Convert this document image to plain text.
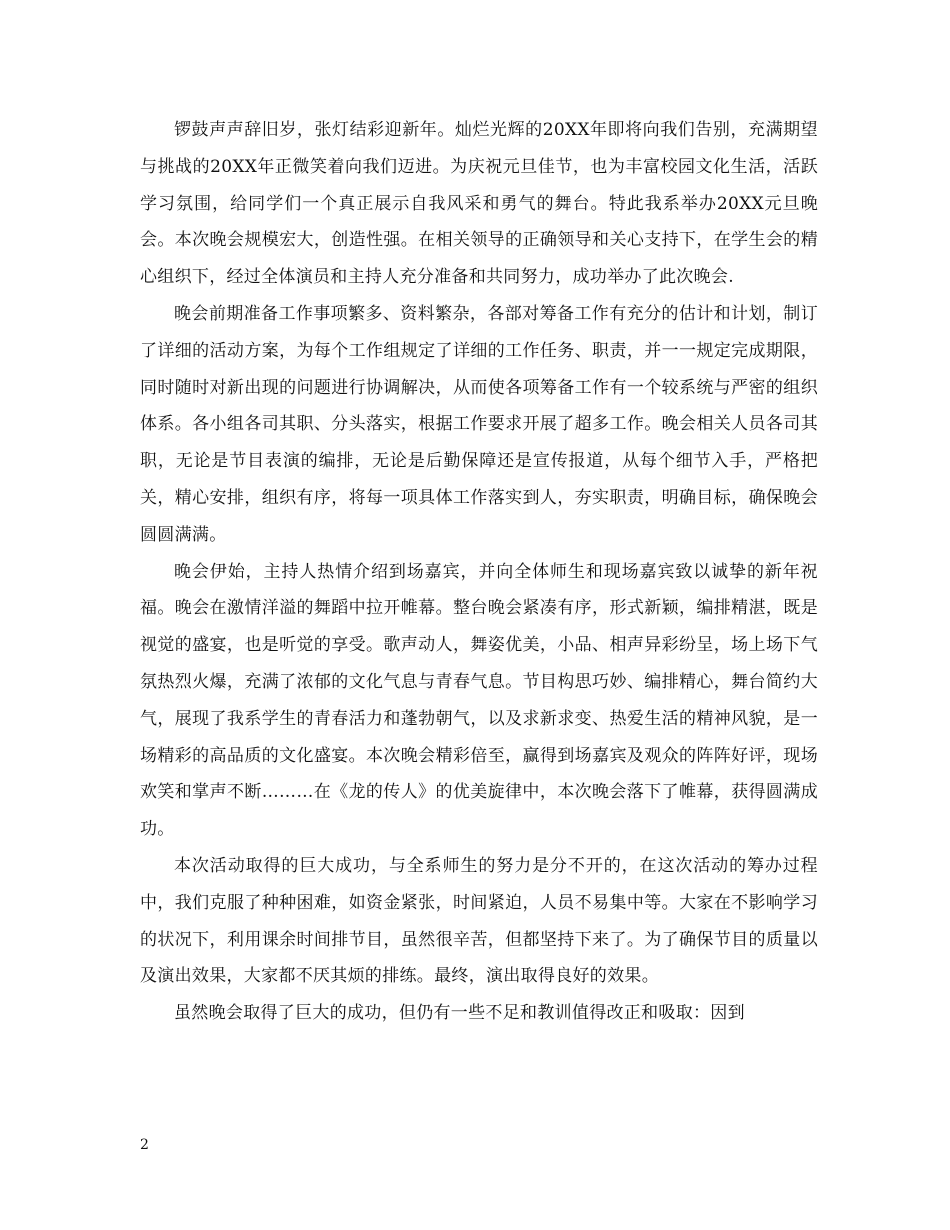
锣鼓声声辞旧岁，张灯结彩迎新年。灿烂光辉的20XX年即将向我们告别，充满期望与挑战的20XX年正微笑着向我们迈进。为庆祝元旦佳节，也为丰富校园文化生活，活跃学习氛围，给同学们一个真正展示自我风采和勇气的舞台。特此我系举办20XX元旦晚会。本次晚会规模宏大，创造性强。在相关领导的正确领导和关心支持下，在学生会的精心组织下，经过全体演员和主持人充分准备和共同努力，成功举办了此次晚会.

晚会前期准备工作事项繁多、资料繁杂，各部对筹备工作有充分的估计和计划，制订了详细的活动方案，为每个工作组规定了详细的工作任务、职责，并一一规定完成期限，同时随时对新出现的问题进行协调解决，从而使各项筹备工作有一个较系统与严密的组织体系。各小组各司其职、分头落实，根据工作要求开展了超多工作。晚会相关人员各司其职，无论是节目表演的编排，无论是后勤保障还是宣传报道，从每个细节入手，严格把关，精心安排，组织有序，将每一项具体工作落实到人，夯实职责，明确目标，确保晚会圆圆满满。

晚会伊始，主持人热情介绍到场嘉宾，并向全体师生和现场嘉宾致以诚挚的新年祝福。晚会在激情洋溢的舞蹈中拉开帷幕。整台晚会紧凑有序，形式新颖，编排精湛，既是视觉的盛宴，也是听觉的享受。歌声动人，舞姿优美，小品、相声异彩纷呈，场上场下气氛热烈火爆，充满了浓郁的文化气息与青春气息。节目构思巧妙、编排精心，舞台简约大气，展现了我系学生的青春活力和蓬勃朝气，以及求新求变、热爱生活的精神风貌，是一场精彩的高品质的文化盛宴。本次晚会精彩倍至，赢得到场嘉宾及观众的阵阵好评，现场欢笑和掌声不断………在《龙的传人》的优美旋律中，本次晚会落下了帷幕，获得圆满成功。

本次活动取得的巨大成功，与全系师生的努力是分不开的，在这次活动的筹办过程中，我们克服了种种困难，如资金紧张，时间紧迫，人员不易集中等。大家在不影响学习的状况下，利用课余时间排节目，虽然很辛苦，但都坚持下来了。为了确保节目的质量以及演出效果，大家都不厌其烦的排练。最终，演出取得良好的效果。

虽然晚会取得了巨大的成功，但仍有一些不足和教训值得改正和吸取：因到

2
